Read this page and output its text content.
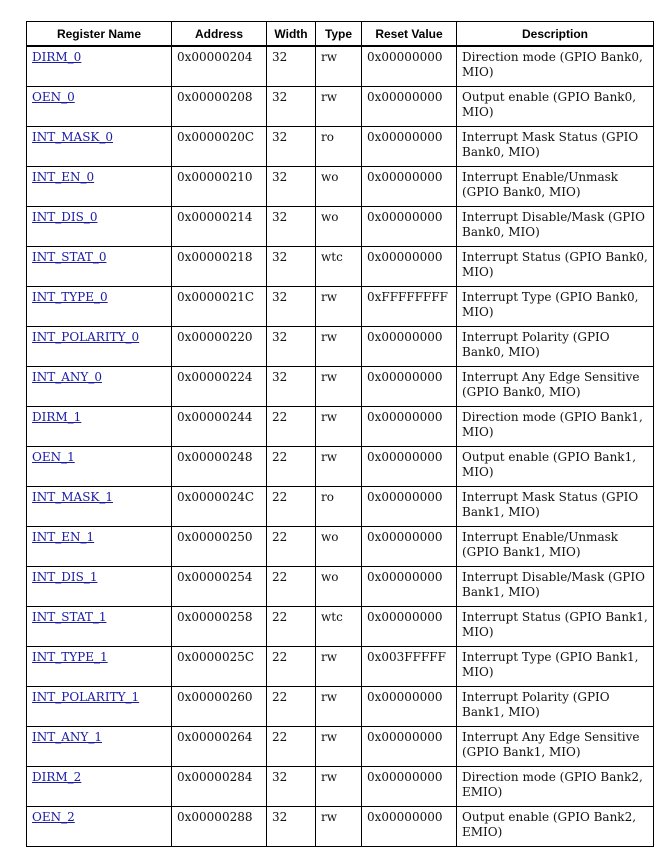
Register Name	Address	Width	Type	Reset Value	Description
DIRM_0	0x00000204	32	rw	0x00000000	Direction mode (GPIO Bank0, MIO)
OEN_0	0x00000208	32	rw	0x00000000	Output enable (GPIO Bank0, MIO)
INT_MASK_0	0x0000020C	32	ro	0x00000000	Interrupt Mask Status (GPIO Bank0, MIO)
INT_EN_0	0x00000210	32	wo	0x00000000	Interrupt Enable/Unmask (GPIO Bank0, MIO)
INT_DIS_0	0x00000214	32	wo	0x00000000	Interrupt Disable/Mask (GPIO Bank0, MIO)
INT_STAT_0	0x00000218	32	wtc	0x00000000	Interrupt Status (GPIO Bank0, MIO)
INT_TYPE_0	0x0000021C	32	rw	0xFFFFFFFF	Interrupt Type (GPIO Bank0, MIO)
INT_POLARITY_0	0x00000220	32	rw	0x00000000	Interrupt Polarity (GPIO Bank0, MIO)
INT_ANY_0	0x00000224	32	rw	0x00000000	Interrupt Any Edge Sensitive (GPIO Bank0, MIO)
DIRM_1	0x00000244	22	rw	0x00000000	Direction mode (GPIO Bank1, MIO)
OEN_1	0x00000248	22	rw	0x00000000	Output enable (GPIO Bank1, MIO)
INT_MASK_1	0x0000024C	22	ro	0x00000000	Interrupt Mask Status (GPIO Bank1, MIO)
INT_EN_1	0x00000250	22	wo	0x00000000	Interrupt Enable/Unmask (GPIO Bank1, MIO)
INT_DIS_1	0x00000254	22	wo	0x00000000	Interrupt Disable/Mask (GPIO Bank1, MIO)
INT_STAT_1	0x00000258	22	wtc	0x00000000	Interrupt Status (GPIO Bank1, MIO)
INT_TYPE_1	0x0000025C	22	rw	0x003FFFFF	Interrupt Type (GPIO Bank1, MIO)
INT_POLARITY_1	0x00000260	22	rw	0x00000000	Interrupt Polarity (GPIO Bank1, MIO)
INT_ANY_1	0x00000264	22	rw	0x00000000	Interrupt Any Edge Sensitive (GPIO Bank1, MIO)
DIRM_2	0x00000284	32	rw	0x00000000	Direction mode (GPIO Bank2, EMIO)
OEN_2	0x00000288	32	rw	0x00000000	Output enable (GPIO Bank2, EMIO)
